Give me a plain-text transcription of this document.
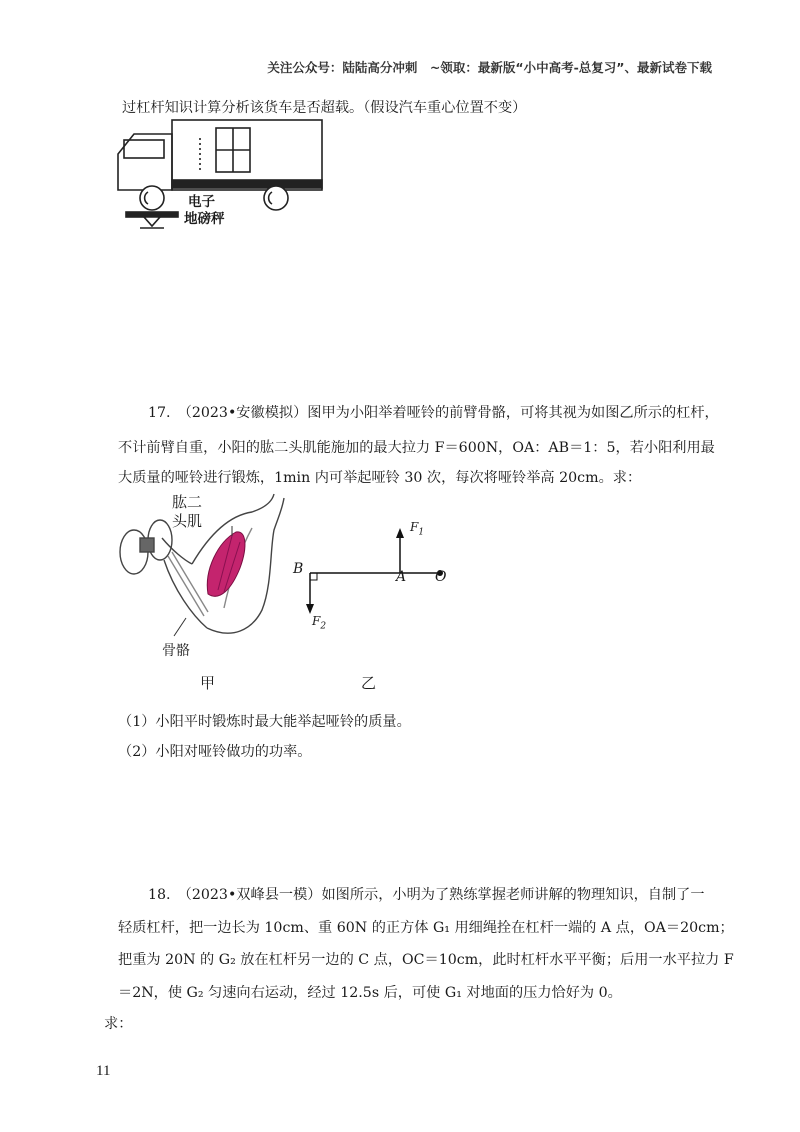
关注公众号：陆陆高分冲刺　~领取：最新版“小中高考-总复习”、最新试卷下载
过杠杆知识计算分析该货车是否超载。（假设汽车重心位置不变）
电子
地磅秤
17.　（2023•安徽模拟）图甲为小阳举着哑铃的前臂骨骼，可将其视为如图乙所示的杠杆，
不计前臂自重，小阳的肱二头肌能施加的最大拉力 F＝600N，OA：AB＝1：5，若小阳利用最
大质量的哑铃进行锻炼，1min 内可举起哑铃 30 次，每次将哑铃举高 20cm。求：
肱二
头肌
骨骼
甲
B	A O
$F_1$
$F_2$
乙
（1）小阳平时锻炼时最大能举起哑铃的质量。
（2）小阳对哑铃做功的功率。
18.　（2023•双峰县一模）如图所示，小明为了熟练掌握老师讲解的物理知识，自制了一
轻质杠杆，把一边长为 10cm、重 60N 的正方体 G₁ 用细绳拴在杠杆一端的 A 点，OA＝20cm；
把重为 20N 的 G₂ 放在杠杆另一边的 C 点，OC＝10cm，此时杠杆水平平衡；后用一水平拉力 F
＝2N，使 G₂ 匀速向右运动，经过 12.5s 后，可使 G₁ 对地面的压力恰好为 0。
求：
11
